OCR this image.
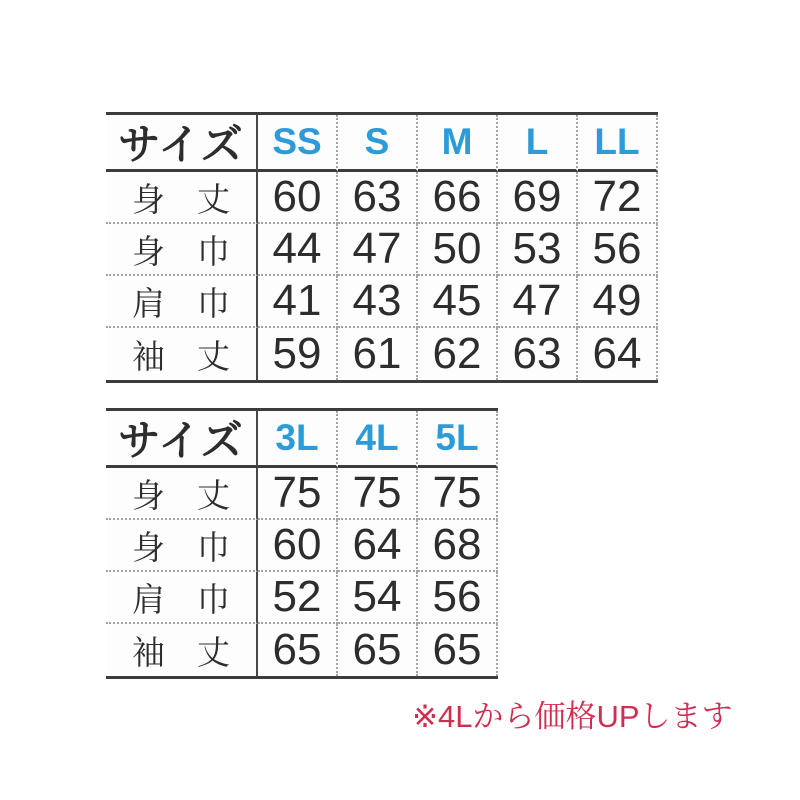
サイズ SS	S	M	L	LL
身 丈 60 63 66 69 72
身 巾 44 47 50 53 56
肩 巾 41 43 45 47 49
袖 丈 59 61 62 63 64
サイズ 3L 4L 5L
身 丈 75 75 75
身 巾 60 64 68
肩 巾 52 54 56
袖 丈 65 65 65
※4Lから価格UPします
